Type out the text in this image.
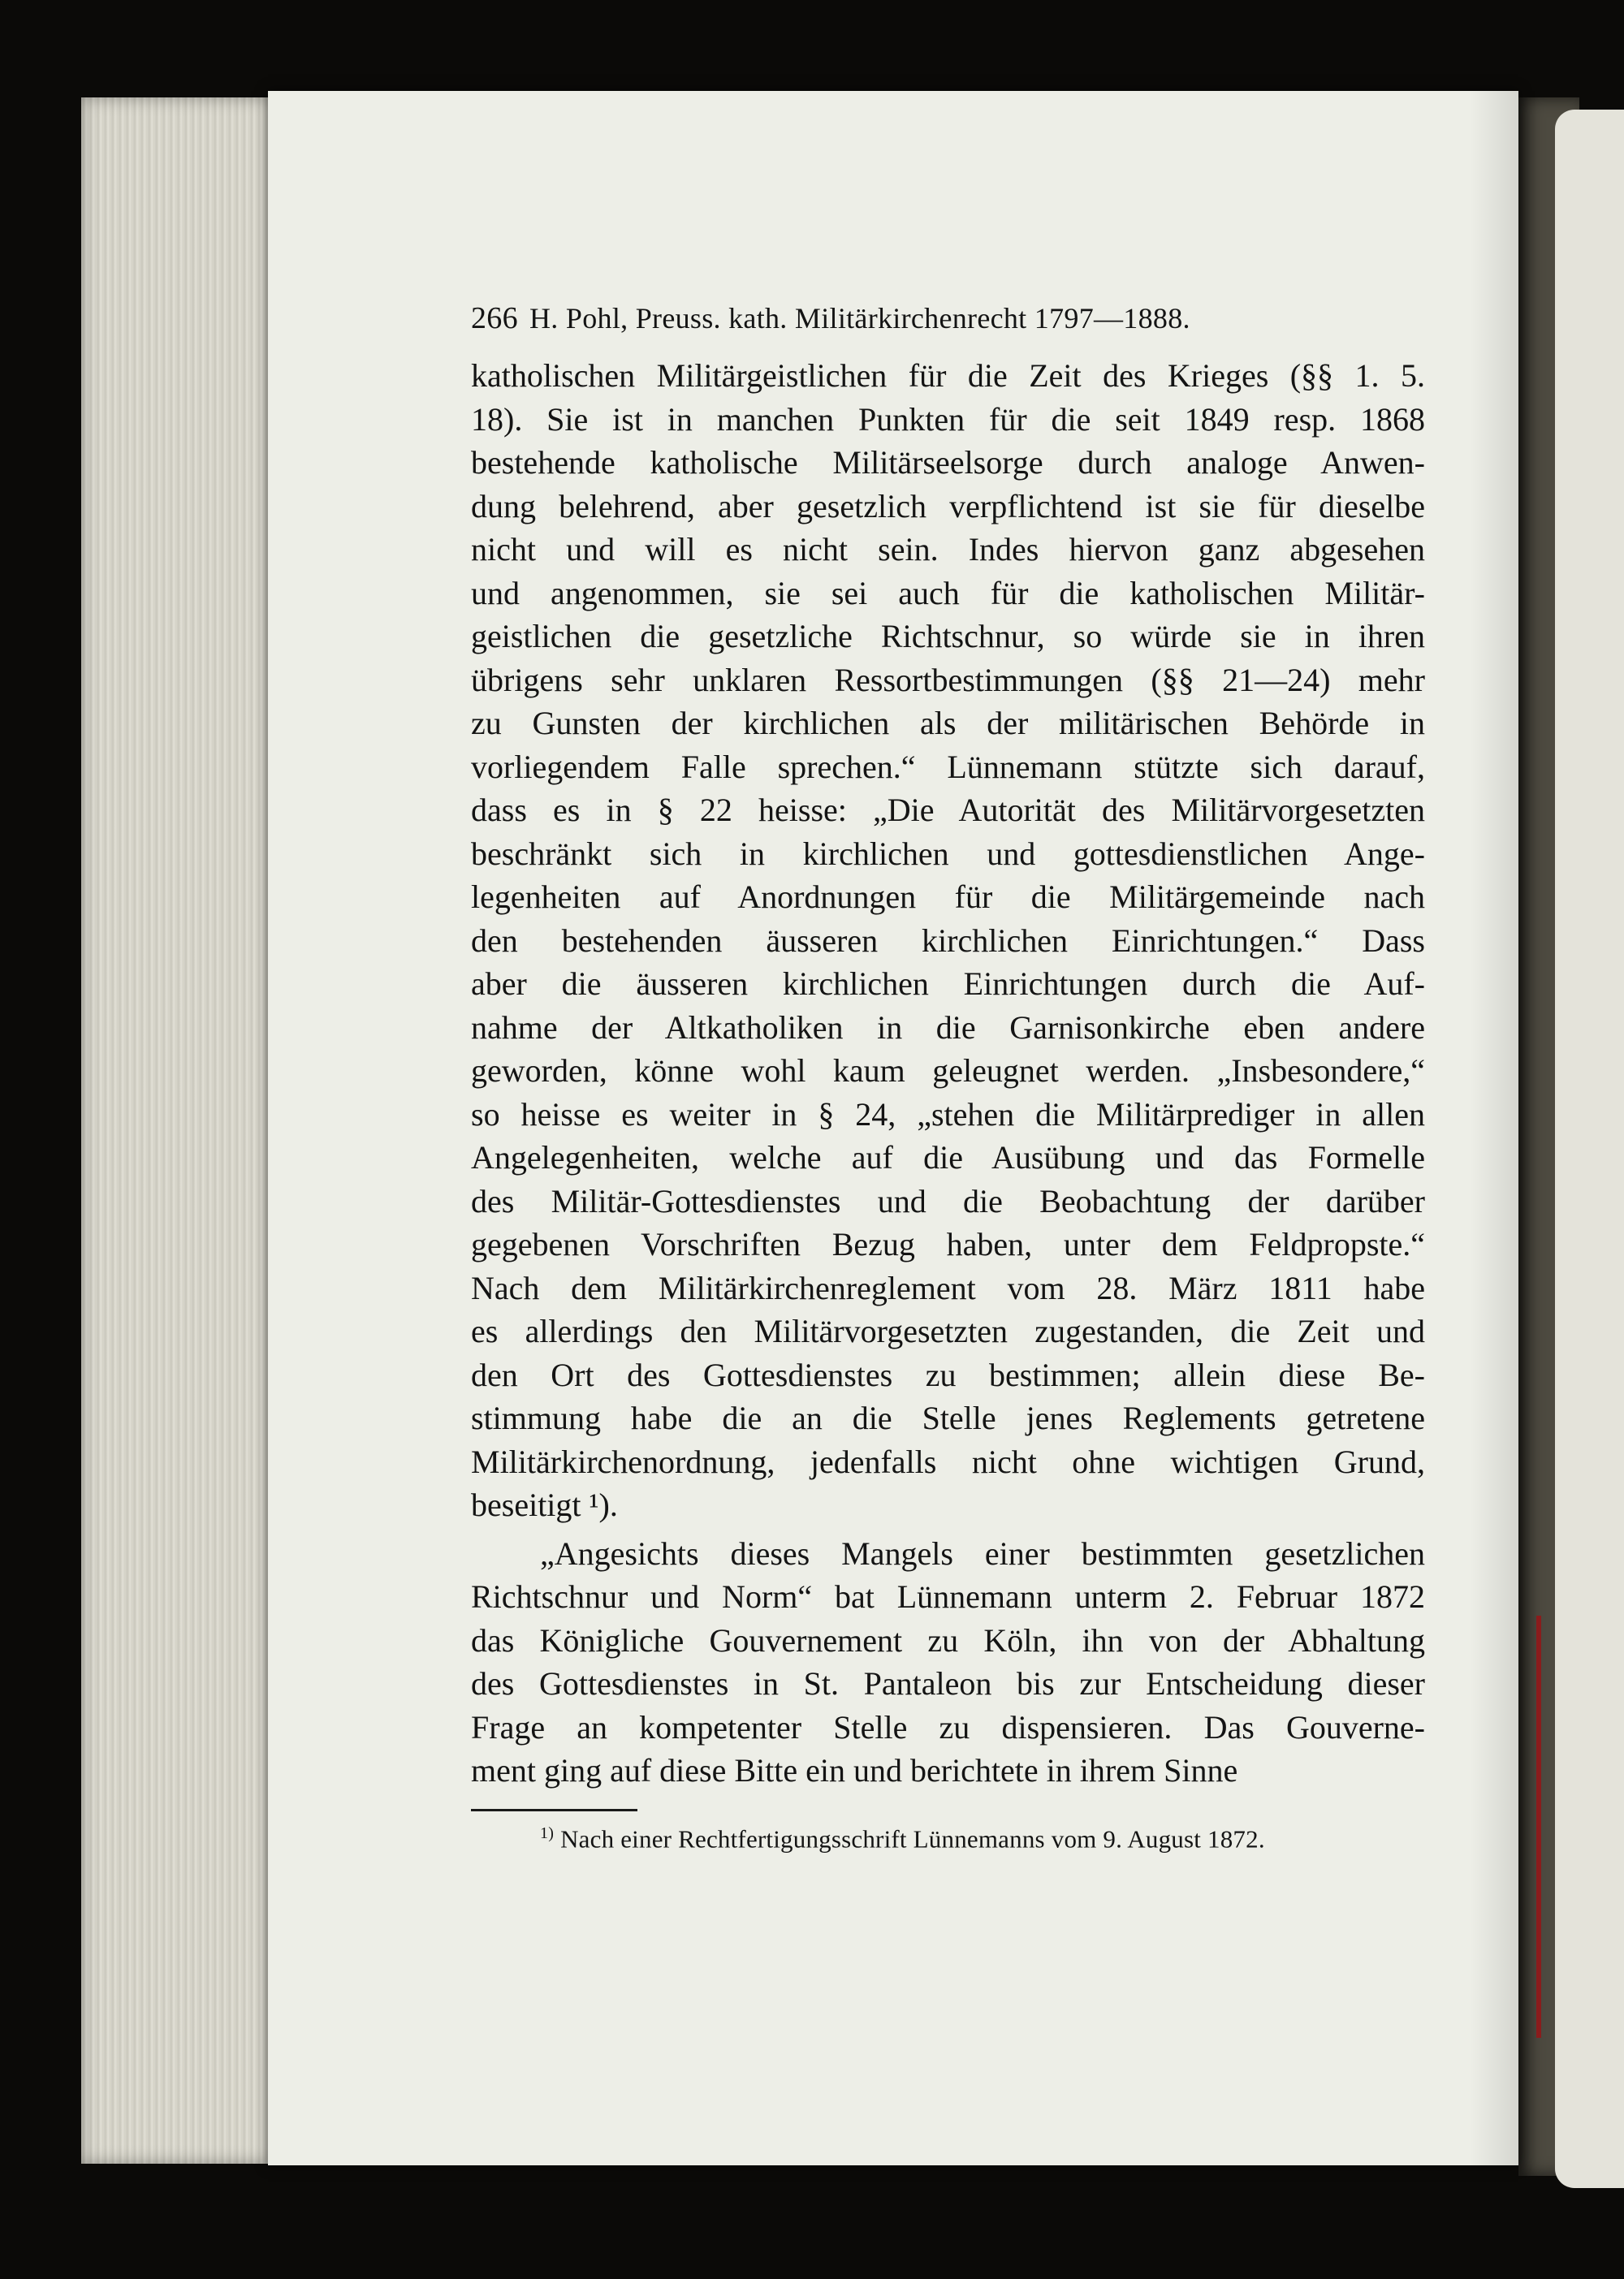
266 H. Pohl, Preuss. kath. Militärkirchenrecht 1797—1888.
katholischen Militärgeistlichen für die Zeit des Krieges (§§ 1. 5.
18). Sie ist in manchen Punkten für die seit 1849 resp. 1868
bestehende katholische Militärseelsorge durch analoge Anwen-
dung belehrend, aber gesetzlich verpflichtend ist sie für dieselbe
nicht und will es nicht sein. Indes hiervon ganz abgesehen
und angenommen, sie sei auch für die katholischen Militär-
geistlichen die gesetzliche Richtschnur, so würde sie in ihren
übrigens sehr unklaren Ressortbestimmungen (§§ 21—24) mehr
zu Gunsten der kirchlichen als der militärischen Behörde in
vorliegendem Falle sprechen.“ Lünnemann stützte sich darauf,
dass es in § 22 heisse: „Die Autorität des Militärvorgesetzten
beschränkt sich in kirchlichen und gottesdienstlichen Ange-
legenheiten auf Anordnungen für die Militärgemeinde nach
den bestehenden äusseren kirchlichen Einrichtungen.“ Dass
aber die äusseren kirchlichen Einrichtungen durch die Auf-
nahme der Altkatholiken in die Garnisonkirche eben andere
geworden, könne wohl kaum geleugnet werden. „Insbesondere,“
so heisse es weiter in § 24, „stehen die Militärprediger in allen
Angelegenheiten, welche auf die Ausübung und das Formelle
des Militär-Gottesdienstes und die Beobachtung der darüber
gegebenen Vorschriften Bezug haben, unter dem Feldpropste.“
Nach dem Militärkirchenreglement vom 28. März 1811 habe
es allerdings den Militärvorgesetzten zugestanden, die Zeit und
den Ort des Gottesdienstes zu bestimmen; allein diese Be-
stimmung habe die an die Stelle jenes Reglements getretene
Militärkirchenordnung, jedenfalls nicht ohne wichtigen Grund,
beseitigt ¹).
„Angesichts dieses Mangels einer bestimmten gesetzlichen
Richtschnur und Norm“ bat Lünnemann unterm 2. Februar 1872
das Königliche Gouvernement zu Köln, ihn von der Abhaltung
des Gottesdienstes in St. Pantaleon bis zur Entscheidung dieser
Frage an kompetenter Stelle zu dispensieren. Das Gouverne-
ment ging auf diese Bitte ein und berichtete in ihrem Sinne
$^{1)}$ Nach einer Rechtfertigungsschrift Lünnemanns vom 9. August 1872.
